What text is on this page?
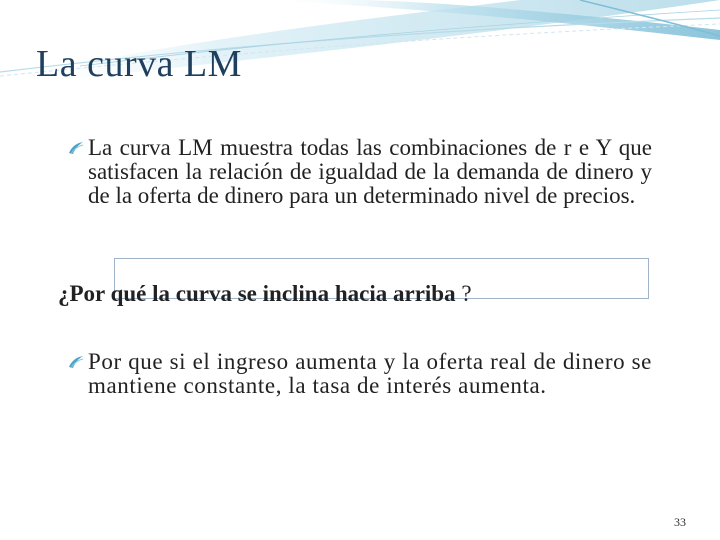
La curva LM
La curva LM muestra todas las combinaciones de r e Y que satisfacen la relación de igualdad de la demanda de dinero y de la oferta de dinero para un determinado nivel de precios.
¿Por qué la curva se inclina hacia arriba ?
Por que si el ingreso aumenta y la oferta real de dinero se mantiene constante, la tasa de interés aumenta.
33
